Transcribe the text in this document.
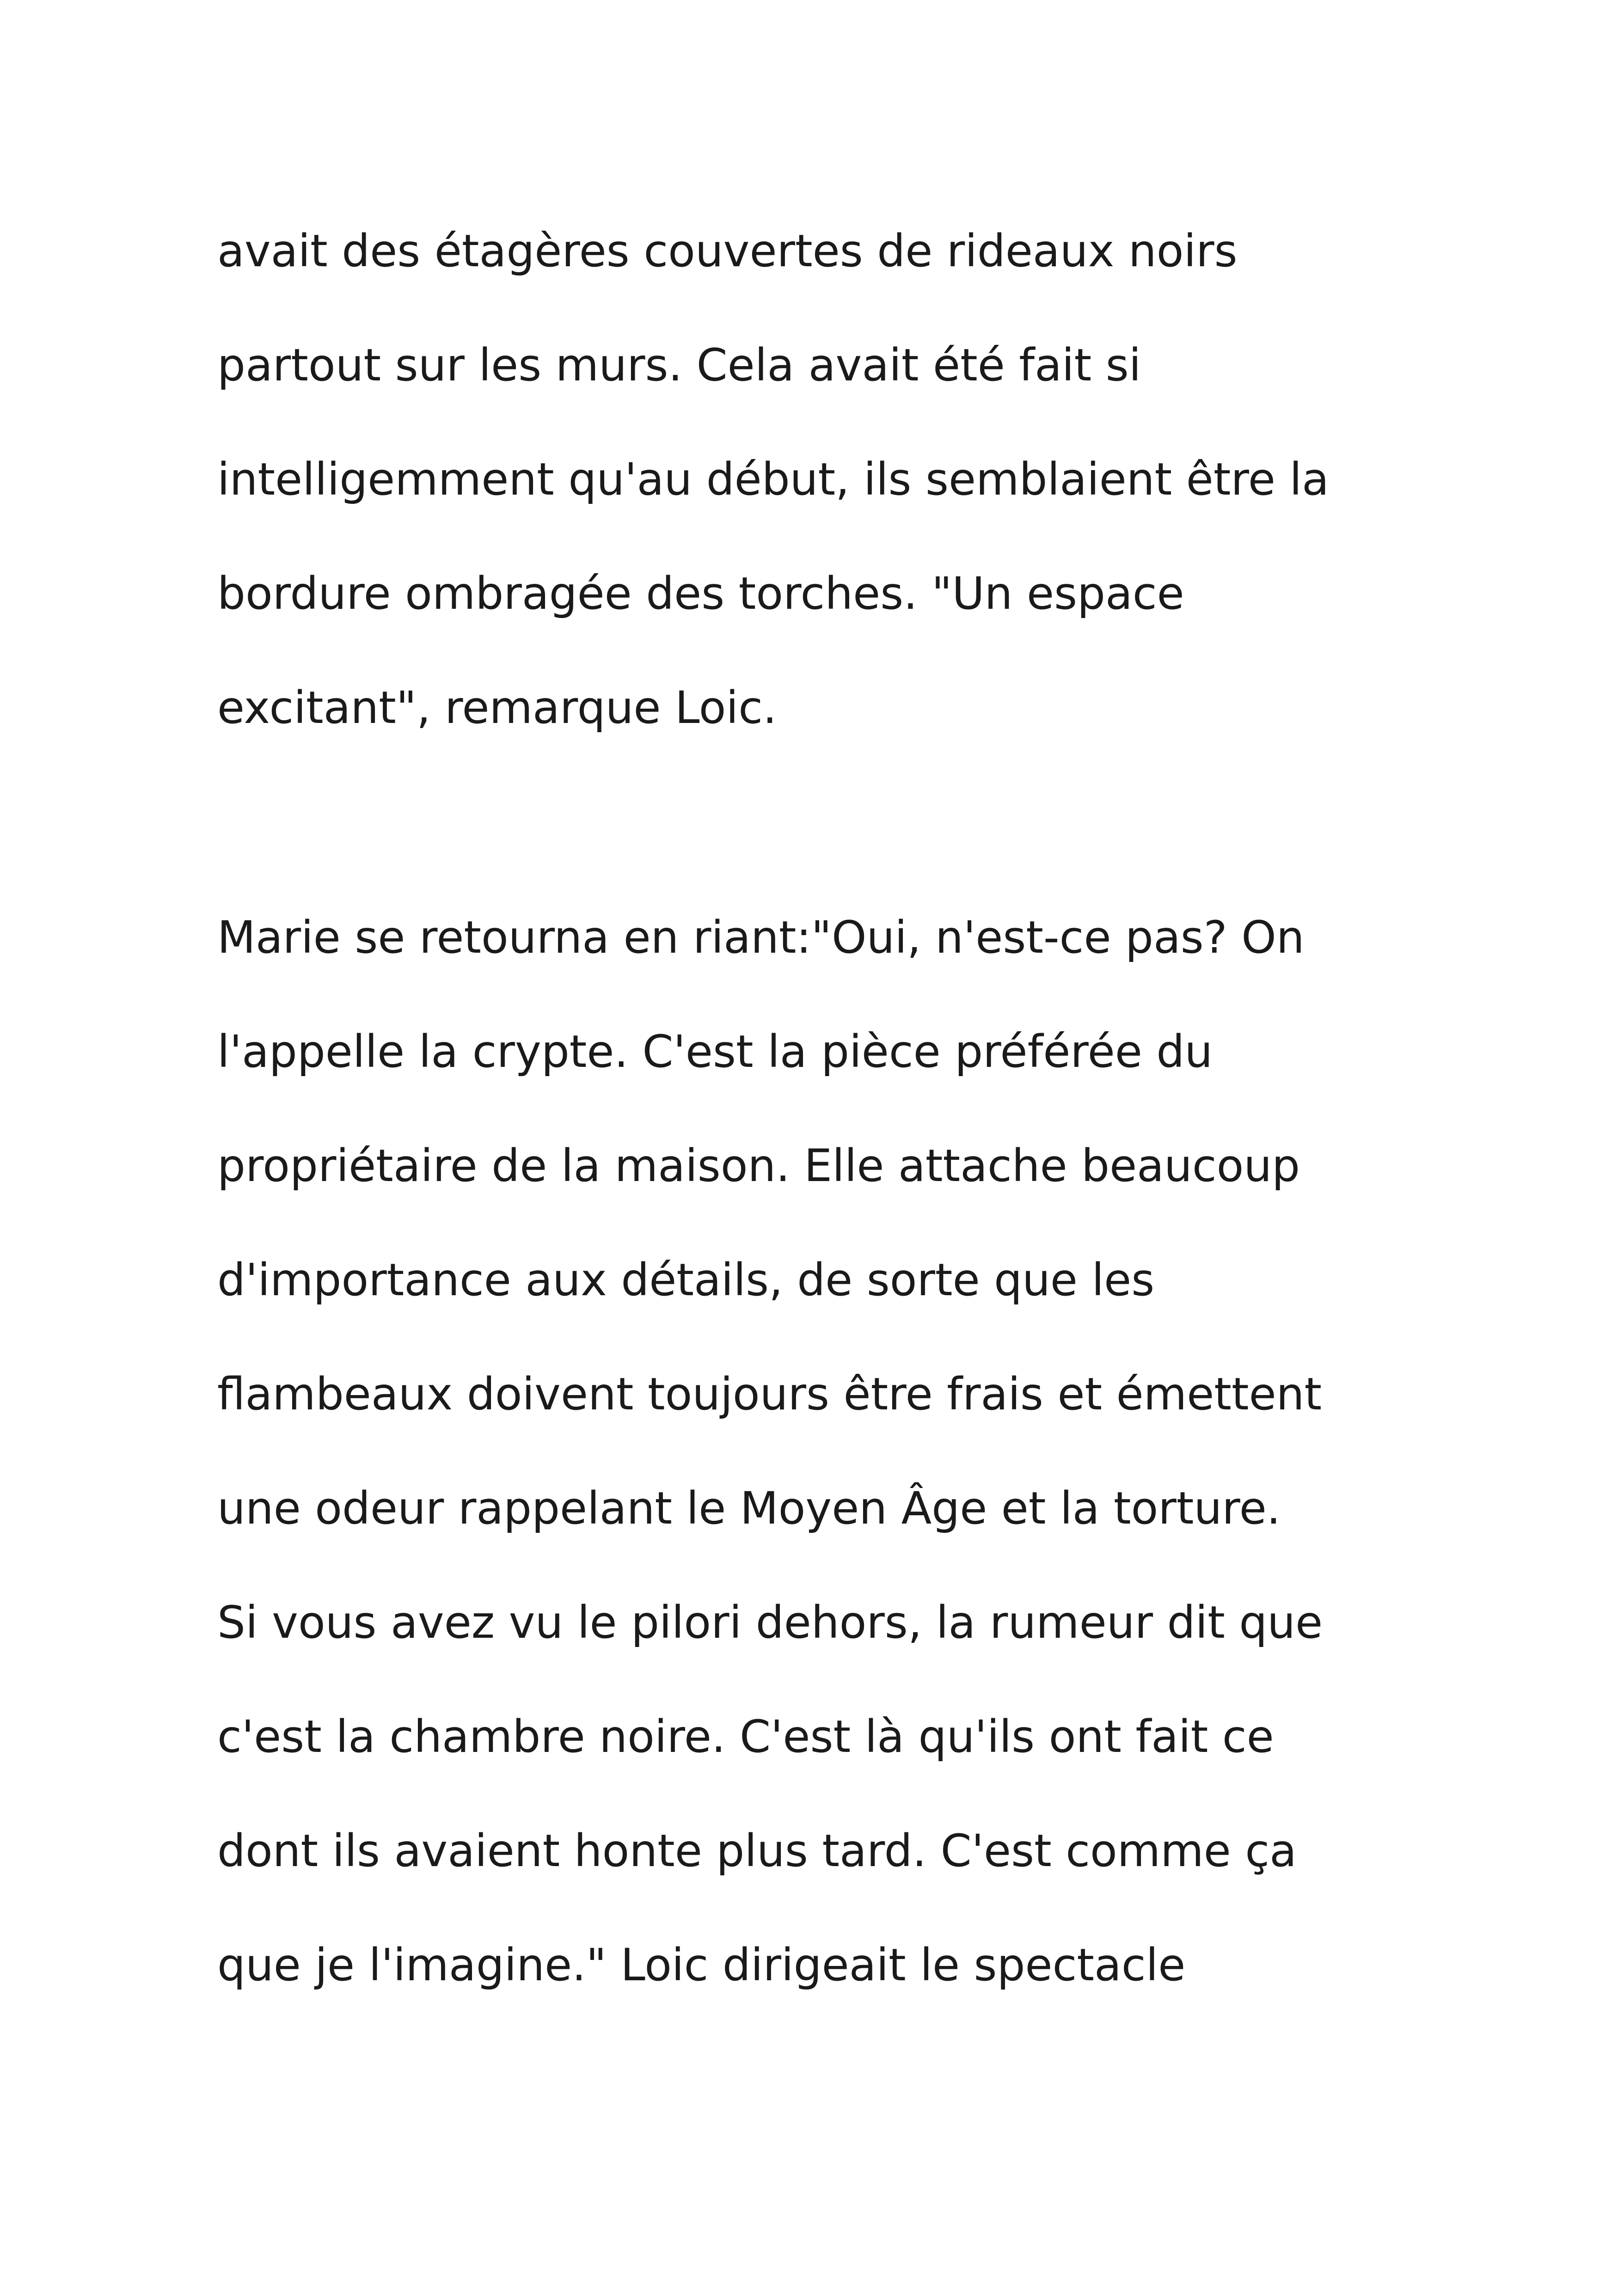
avait des étagères couvertes de rideaux noirs
partout sur les murs. Cela avait été fait si
intelligemment qu'au début, ils semblaient être la
bordure ombragée des torches. "Un espace
excitant", remarque Loic.
Marie se retourna en riant:"Oui, n'est-ce pas? On
l'appelle la crypte. C'est la pièce préférée du
propriétaire de la maison. Elle attache beaucoup
d'importance aux détails, de sorte que les
flambeaux doivent toujours être frais et émettent
une odeur rappelant le Moyen Âge et la torture.
Si vous avez vu le pilori dehors, la rumeur dit que
c'est la chambre noire. C'est là qu'ils ont fait ce
dont ils avaient honte plus tard. C'est comme ça
que je l'imagine." Loic dirigeait le spectacle
